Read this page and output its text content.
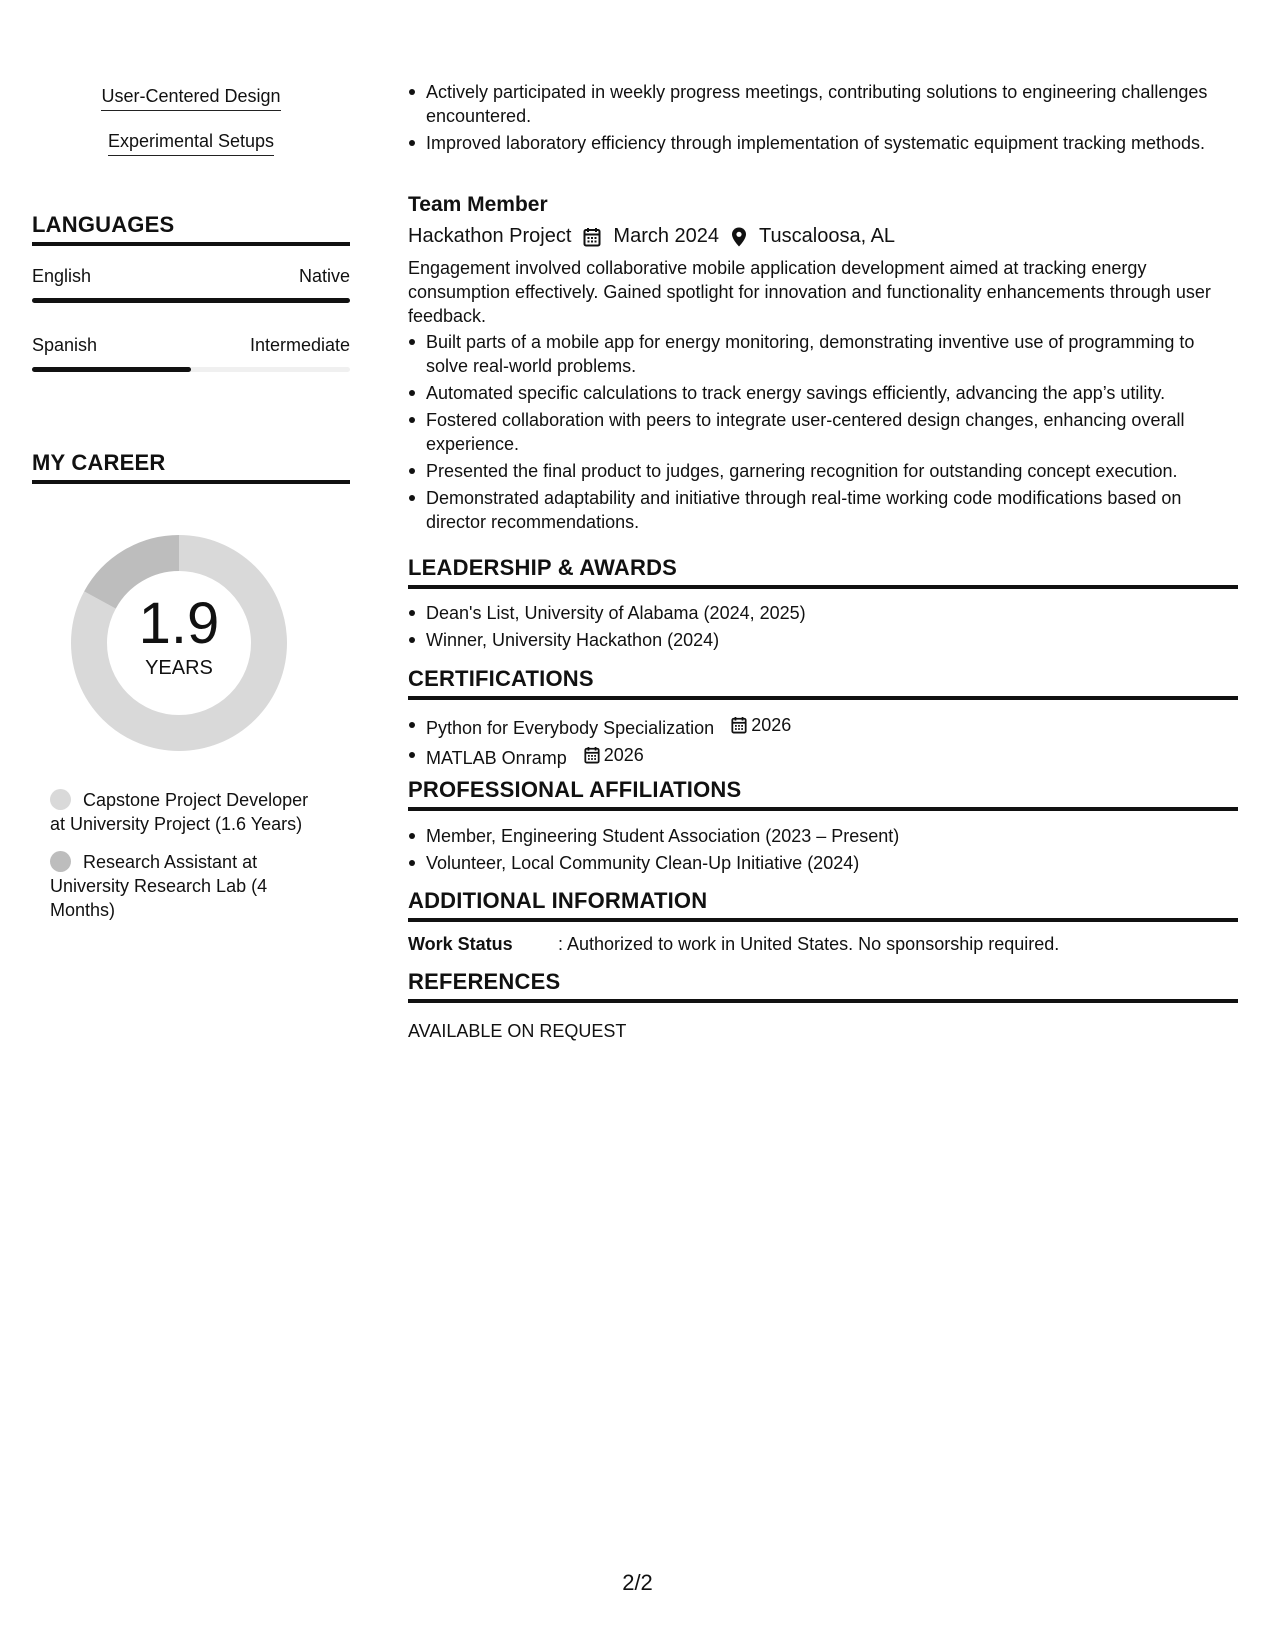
User-Centered Design
Experimental Setups
LANGUAGES
English	Native
Spanish	Intermediate
MY CAREER
1.9
YEARS
Capstone Project Developer at University Project (1.6 Years)
Research Assistant at University Research Lab (4 Months)
Actively participated in weekly progress meetings, contributing solutions to engineering challenges encountered.
Improved laboratory efficiency through implementation of systematic equipment tracking methods.
Team Member
Hackathon Project March 2024 Tuscaloosa, AL
Engagement involved collaborative mobile application development aimed at tracking energy consumption effectively. Gained spotlight for innovation and functionality enhancements through user feedback.
Built parts of a mobile app for energy monitoring, demonstrating inventive use of programming to solve real-world problems.
Automated specific calculations to track energy savings efficiently, advancing the app’s utility.
Fostered collaboration with peers to integrate user-centered design changes, enhancing overall experience.
Presented the final product to judges, garnering recognition for outstanding concept execution.
Demonstrated adaptability and initiative through real-time working code modifications based on director recommendations.
LEADERSHIP & AWARDS
Dean's List, University of Alabama (2024, 2025)
Winner, University Hackathon (2024)
CERTIFICATIONS
Python for Everybody Specialization 2026
MATLAB Onramp 2026
PROFESSIONAL AFFILIATIONS
Member, Engineering Student Association (2023 – Present)
Volunteer, Local Community Clean-Up Initiative (2024)
ADDITIONAL INFORMATION
Work Status	: Authorized to work in United States. No sponsorship required.
REFERENCES
AVAILABLE ON REQUEST
2/2
